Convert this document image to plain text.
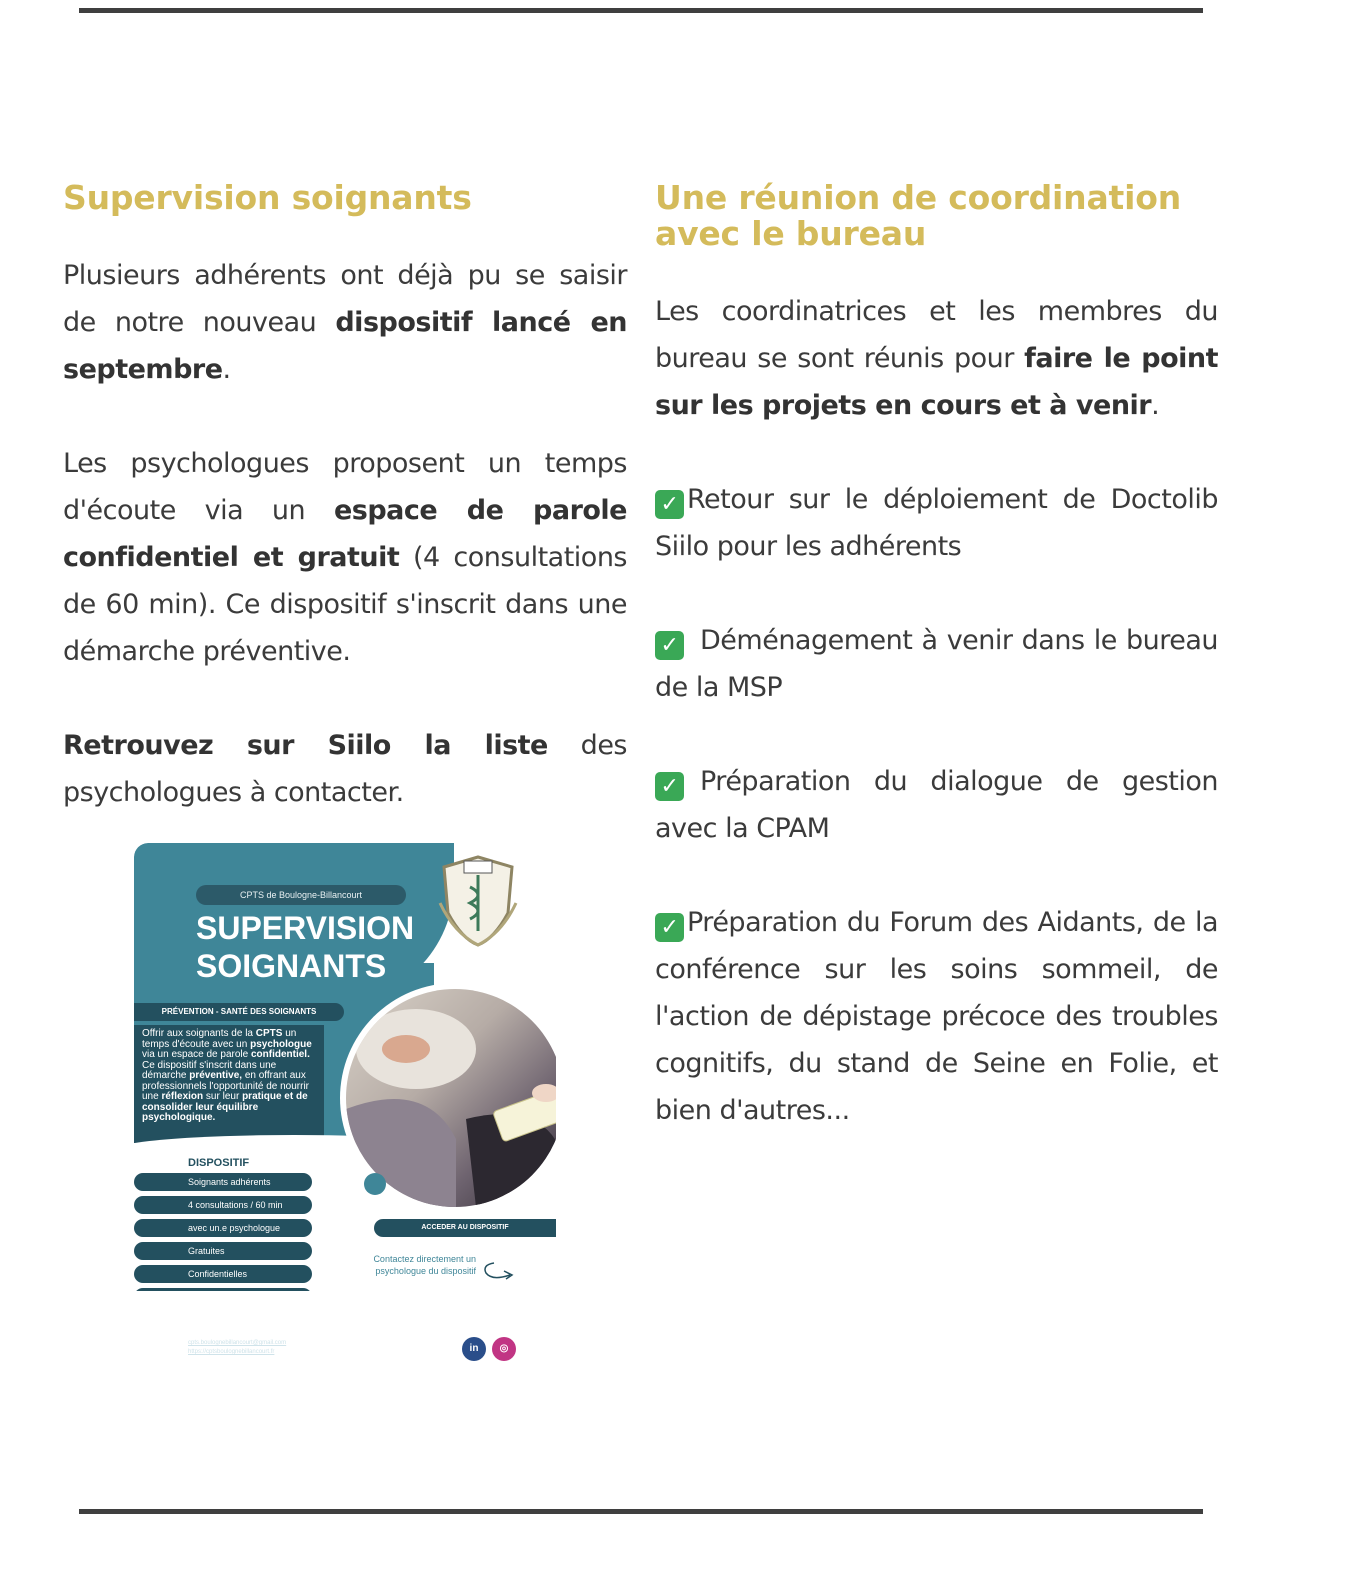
Supervision soignants

Plusieurs adhérents ont déjà pu se saisir de notre nouveau dispositif lancé en septembre.

Les psychologues proposent un temps d'écoute via un espace de parole confidentiel et gratuit (4 consultations de 60 min). Ce dispositif s'inscrit dans une démarche préventive.

Retrouvez sur Siilo la liste des psychologues à contacter.

CPTS de Boulogne-Billancourt
SUPERVISION
SOIGNANTS
PRÉVENTION - SANTÉ DES SOIGNANTS
Offrir aux soignants de la CPTS un temps d'écoute avec un psychologue via un espace de parole confidentiel. Ce dispositif s'inscrit dans une démarche préventive, en offrant aux professionnels l'opportunité de nourrir une réflexion sur leur pratique et de consolider leur équilibre psychologique.
DISPOSITIF
Soignants adhérents
4 consultations / 60 min
avec un.e psychologue
Gratuites
Confidentielles
ACCEDER AU DISPOSITIF
Contactez directement un psychologue du dispositif
cpts.boulognebillancourt@gmail.com
https://cptsboulognebillancourt.fr	in	◎
Une réunion de coordination avec le bureau

Les coordinatrices et les membres du bureau se sont réunis pour faire le point sur les projets en cours et à venir.

✓ Retour sur le déploiement de Doctolib Siilo pour les adhérents

✓ Déménagement à venir dans le bureau de la MSP

✓ Préparation du dialogue de gestion avec la CPAM

✓ Préparation du Forum des Aidants, de la conférence sur les soins sommeil, de l'action de dépistage précoce des troubles cognitifs, du stand de Seine en Folie, et bien d'autres...
